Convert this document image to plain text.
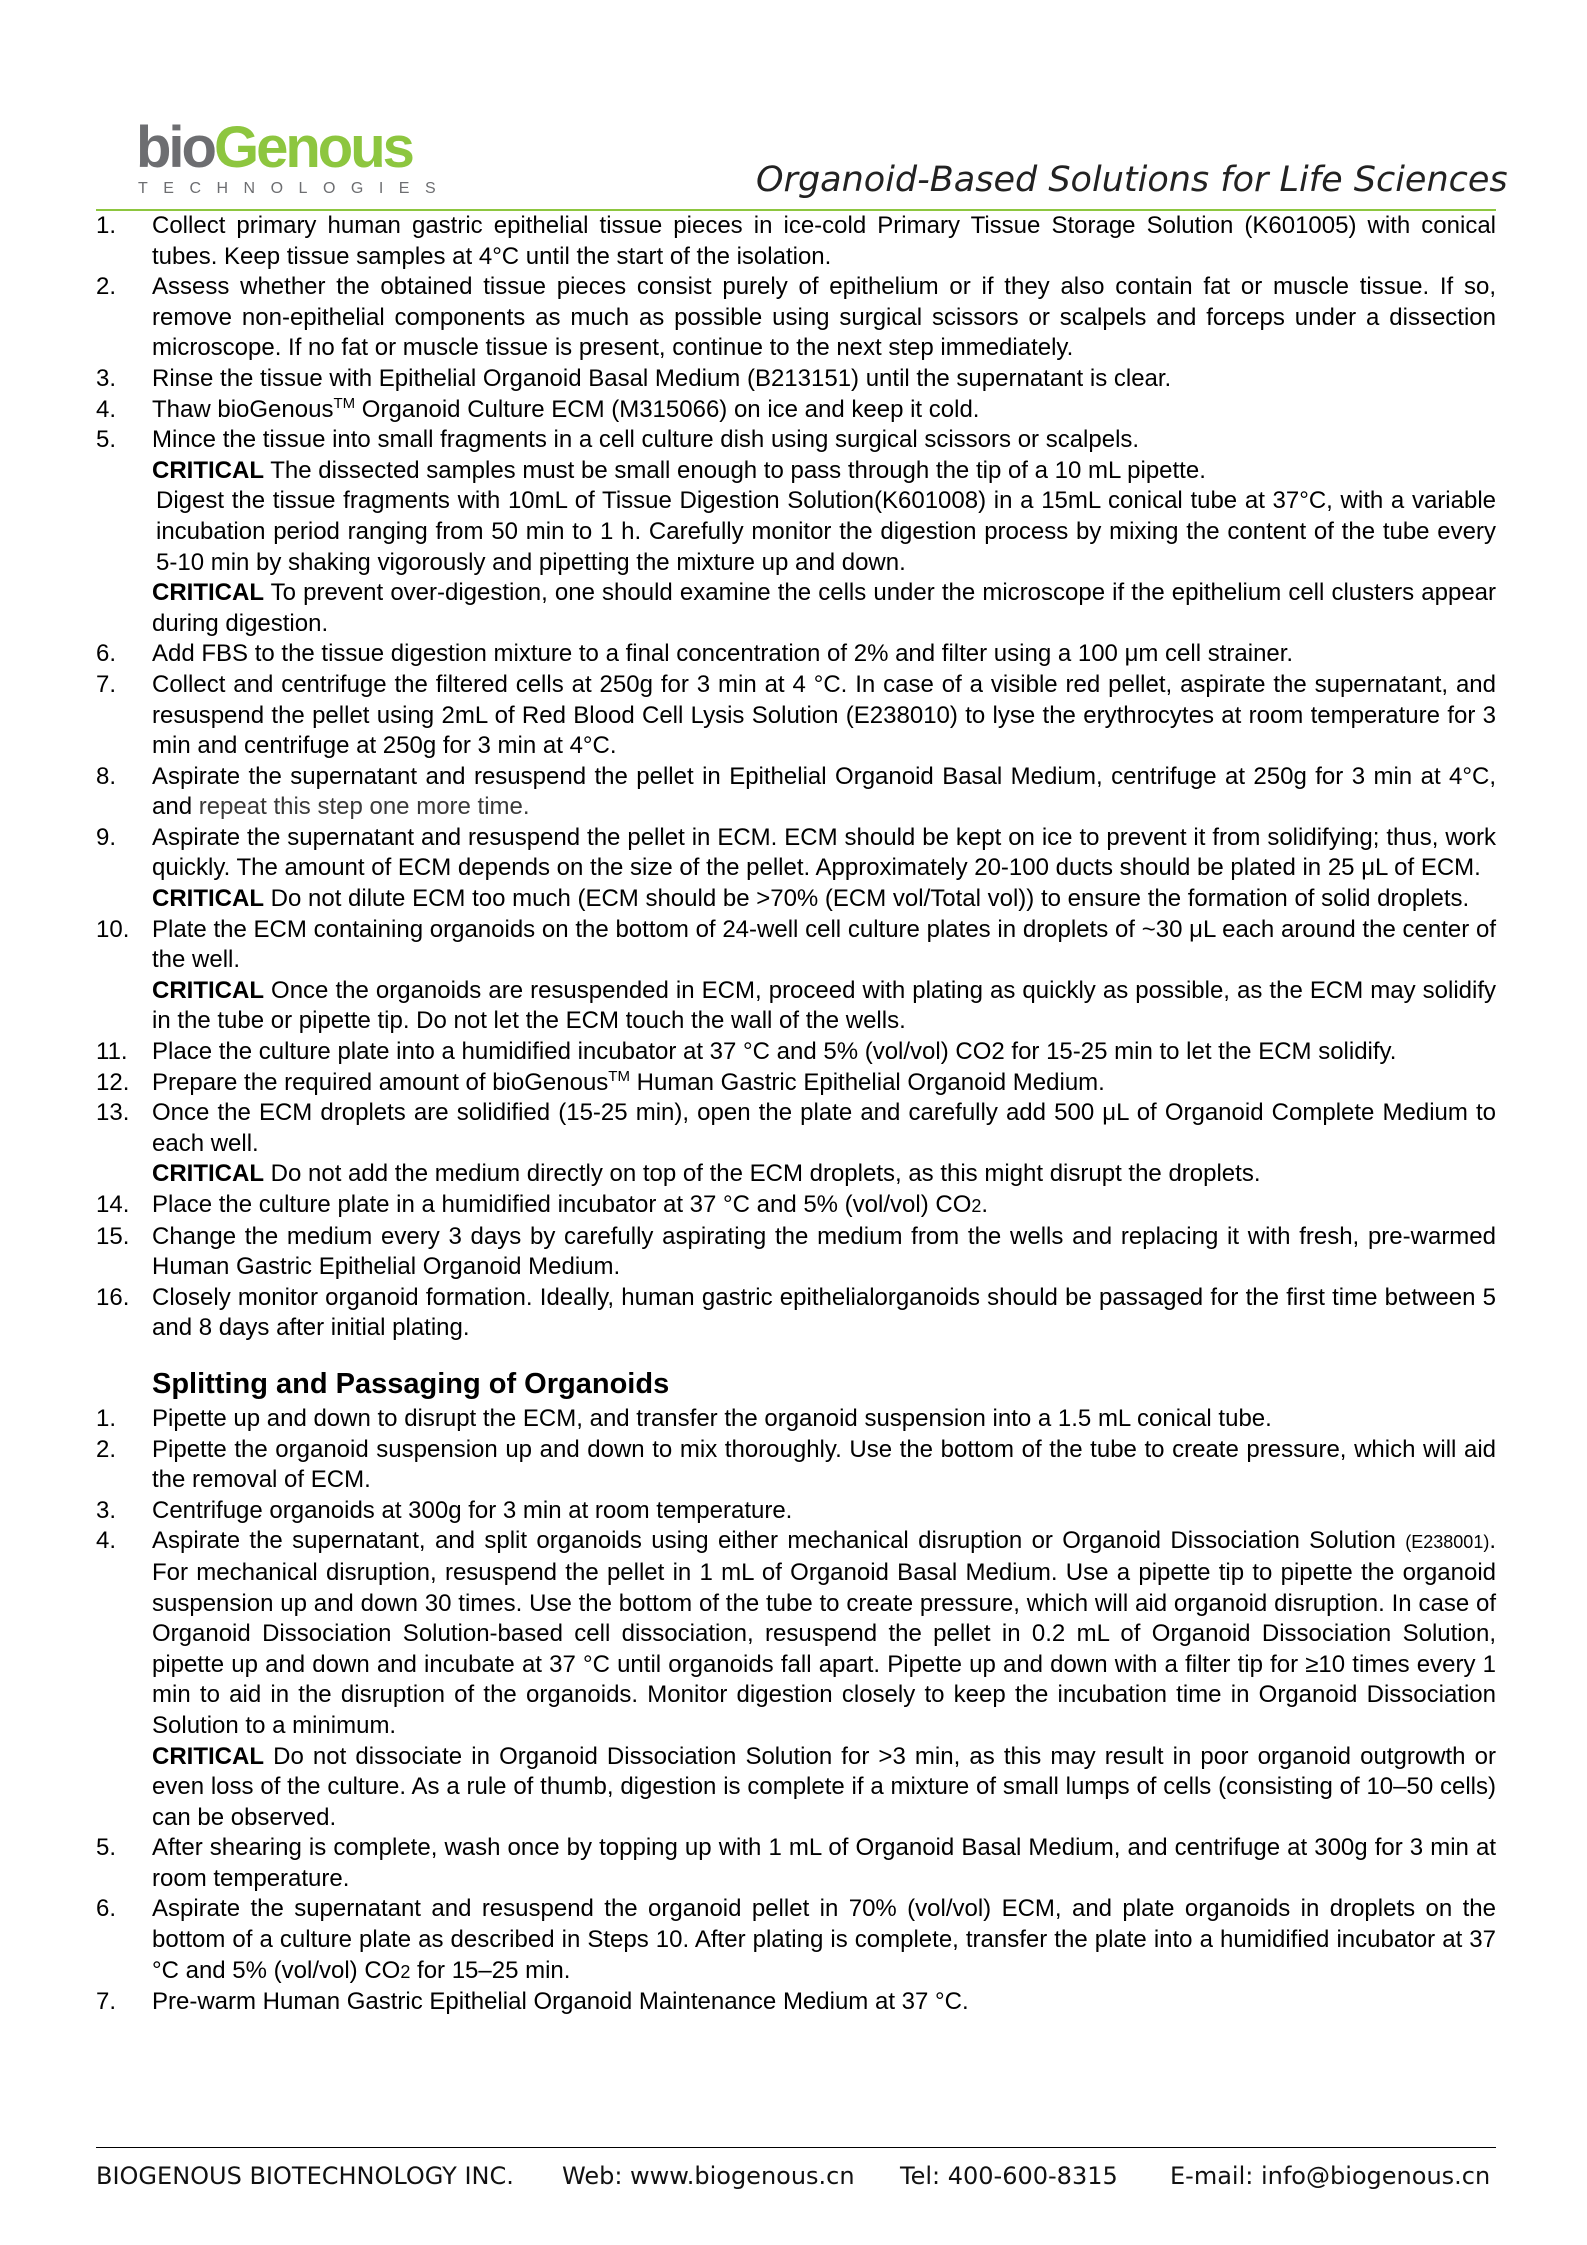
bioGenous
TECHNOLOGIES	Organoid-Based Solutions for Life Sciences
1. Collect primary human gastric epithelial tissue pieces in ice-cold Primary Tissue Storage Solution (K601005) with conical tubes. Keep tissue samples at 4°C until the start of the isolation.
2. Assess whether the obtained tissue pieces consist purely of epithelium or if they also contain fat or muscle tissue. If so, remove non-epithelial components as much as possible using surgical scissors or scalpels and forceps under a dissection microscope. If no fat or muscle tissue is present, continue to the next step immediately.
3. Rinse the tissue with Epithelial Organoid Basal Medium (B213151) until the supernatant is clear.
4. Thaw bioGenous™ Organoid Culture ECM (M315066) on ice and keep it cold.
5. Mince the tissue into small fragments in a cell culture dish using surgical scissors or scalpels.
CRITICAL The dissected samples must be small enough to pass through the tip of a 10 mL pipette.
Digest the tissue fragments with 10mL of Tissue Digestion Solution(K601008) in a 15mL conical tube at 37°C, with a variable incubation period ranging from 50 min to 1 h. Carefully monitor the digestion process by mixing the content of the tube every 5-10 min by shaking vigorously and pipetting the mixture up and down.
CRITICAL To prevent over-digestion, one should examine the cells under the microscope if the epithelium cell clusters appear during digestion.
6. Add FBS to the tissue digestion mixture to a final concentration of 2% and filter using a 100 μm cell strainer.
7. Collect and centrifuge the filtered cells at 250g for 3 min at 4 °C. In case of a visible red pellet, aspirate the supernatant, and resuspend the pellet using 2mL of Red Blood Cell Lysis Solution (E238010) to lyse the erythrocytes at room temperature for 3 min and centrifuge at 250g for 3 min at 4°C.
8. Aspirate the supernatant and resuspend the pellet in Epithelial Organoid Basal Medium, centrifuge at 250g for 3 min at 4°C, and repeat this step one more time.
9. Aspirate the supernatant and resuspend the pellet in ECM. ECM should be kept on ice to prevent it from solidifying; thus, work quickly. The amount of ECM depends on the size of the pellet. Approximately 20-100 ducts should be plated in 25 μL of ECM.
CRITICAL Do not dilute ECM too much (ECM should be >70% (ECM vol/Total vol)) to ensure the formation of solid droplets.
10. Plate the ECM containing organoids on the bottom of 24-well cell culture plates in droplets of ~30 μL each around the center of the well.
CRITICAL Once the organoids are resuspended in ECM, proceed with plating as quickly as possible, as the ECM may solidify in the tube or pipette tip. Do not let the ECM touch the wall of the wells.
11. Place the culture plate into a humidified incubator at 37 °C and 5% (vol/vol) CO2 for 15-25 min to let the ECM solidify.
12. Prepare the required amount of bioGenous™ Human Gastric Epithelial Organoid Medium.
13. Once the ECM droplets are solidified (15-25 min), open the plate and carefully add 500 μL of Organoid Complete Medium to each well.
CRITICAL Do not add the medium directly on top of the ECM droplets, as this might disrupt the droplets.
14. Place the culture plate in a humidified incubator at 37 °C and 5% (vol/vol) CO2.
15. Change the medium every 3 days by carefully aspirating the medium from the wells and replacing it with fresh, pre-warmed Human Gastric Epithelial Organoid Medium.
16. Closely monitor organoid formation. Ideally, human gastric epithelialorganoids should be passaged for the first time between 5 and 8 days after initial plating.
Splitting and Passaging of Organoids
1. Pipette up and down to disrupt the ECM, and transfer the organoid suspension into a 1.5 mL conical tube.
2. Pipette the organoid suspension up and down to mix thoroughly. Use the bottom of the tube to create pressure, which will aid the removal of ECM.
3. Centrifuge organoids at 300g for 3 min at room temperature.
4. Aspirate the supernatant, and split organoids using either mechanical disruption or Organoid Dissociation Solution (E238001). For mechanical disruption, resuspend the pellet in 1 mL of Organoid Basal Medium. Use a pipette tip to pipette the organoid suspension up and down 30 times. Use the bottom of the tube to create pressure, which will aid organoid disruption. In case of Organoid Dissociation Solution-based cell dissociation, resuspend the pellet in 0.2 mL of Organoid Dissociation Solution, pipette up and down and incubate at 37 °C until organoids fall apart. Pipette up and down with a filter tip for ≥10 times every 1 min to aid in the disruption of the organoids. Monitor digestion closely to keep the incubation time in Organoid Dissociation Solution to a minimum.
CRITICAL Do not dissociate in Organoid Dissociation Solution for >3 min, as this may result in poor organoid outgrowth or even loss of the culture. As a rule of thumb, digestion is complete if a mixture of small lumps of cells (consisting of 10–50 cells) can be observed.
5. After shearing is complete, wash once by topping up with 1 mL of Organoid Basal Medium, and centrifuge at 300g for 3 min at room temperature.
6. Aspirate the supernatant and resuspend the organoid pellet in 70% (vol/vol) ECM, and plate organoids in droplets on the bottom of a culture plate as described in Steps 10. After plating is complete, transfer the plate into a humidified incubator at 37 °C and 5% (vol/vol) CO2 for 15–25 min.
7. Pre-warm Human Gastric Epithelial Organoid Maintenance Medium at 37 °C.
BIOGENOUS BIOTECHNOLOGY INC. Web: www.biogenous.cn Tel: 400-600-8315 E-mail: info@biogenous.cn
